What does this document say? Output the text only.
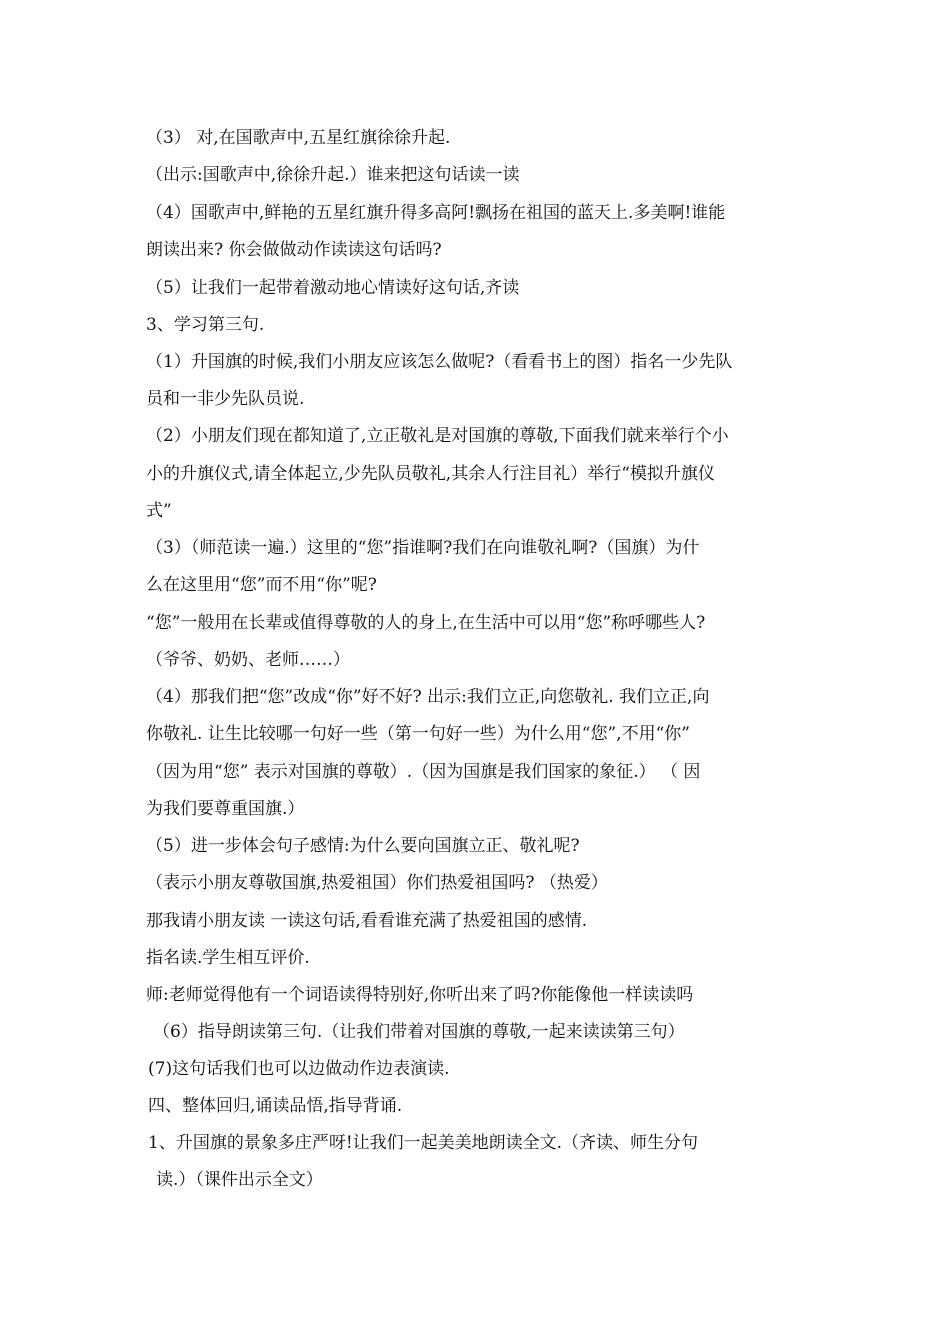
（3） 对,在国歌声中,五星红旗徐徐升起.
（出示:国歌声中,徐徐升起.）谁来把这句话读一读
（4）国歌声中,鲜艳的五星红旗升得多高阿!飘扬在祖国的蓝天上.多美啊!谁能
朗读出来? 你会做做动作读读这句话吗?
（5）让我们一起带着激动地心情读好这句话,齐读
3、学习第三句.
（1）升国旗的时候,我们小朋友应该怎么做呢?（看看书上的图）指名一少先队
员和一非少先队员说.
（2）小朋友们现在都知道了,立正敬礼是对国旗的尊敬,下面我们就来举行个小
小的升旗仪式,请全体起立,少先队员敬礼,其余人行注目礼）举行“模拟升旗仪
式”
（3）（师范读一遍.）这里的“您”指谁啊?我们在向谁敬礼啊?（国旗）为什
么在这里用“您”而不用“你”呢?
“您”一般用在长辈或值得尊敬的人的身上,在生活中可以用“您”称呼哪些人?
（爷爷、奶奶、老师……）
（4）那我们把“您”改成“你”好不好? 出示:我们立正,向您敬礼. 我们立正,向
你敬礼. 让生比较哪一句好一些（第一句好一些）为什么用“您”,不用“你”
（因为用“您” 表示对国旗的尊敬）.（因为国旗是我们国家的象征.） （ 因
为我们要尊重国旗.）
（5）进一步体会句子感情:为什么要向国旗立正、敬礼呢?
（表示小朋友尊敬国旗,热爱祖国）你们热爱祖国吗? （热爱）
那我请小朋友读 一读这句话,看看谁充满了热爱祖国的感情.
指名读.学生相互评价.
师:老师觉得他有一个词语读得特别好,你听出来了吗?你能像他一样读读吗
（6）指导朗读第三句.（让我们带着对国旗的尊敬,一起来读读第三句）
(7)这句话我们也可以边做动作边表演读.
四、整体回归,诵读品悟,指导背诵.
1、升国旗的景象多庄严呀!让我们一起美美地朗读全文.（齐读、师生分句
读.）（课件出示全文）
